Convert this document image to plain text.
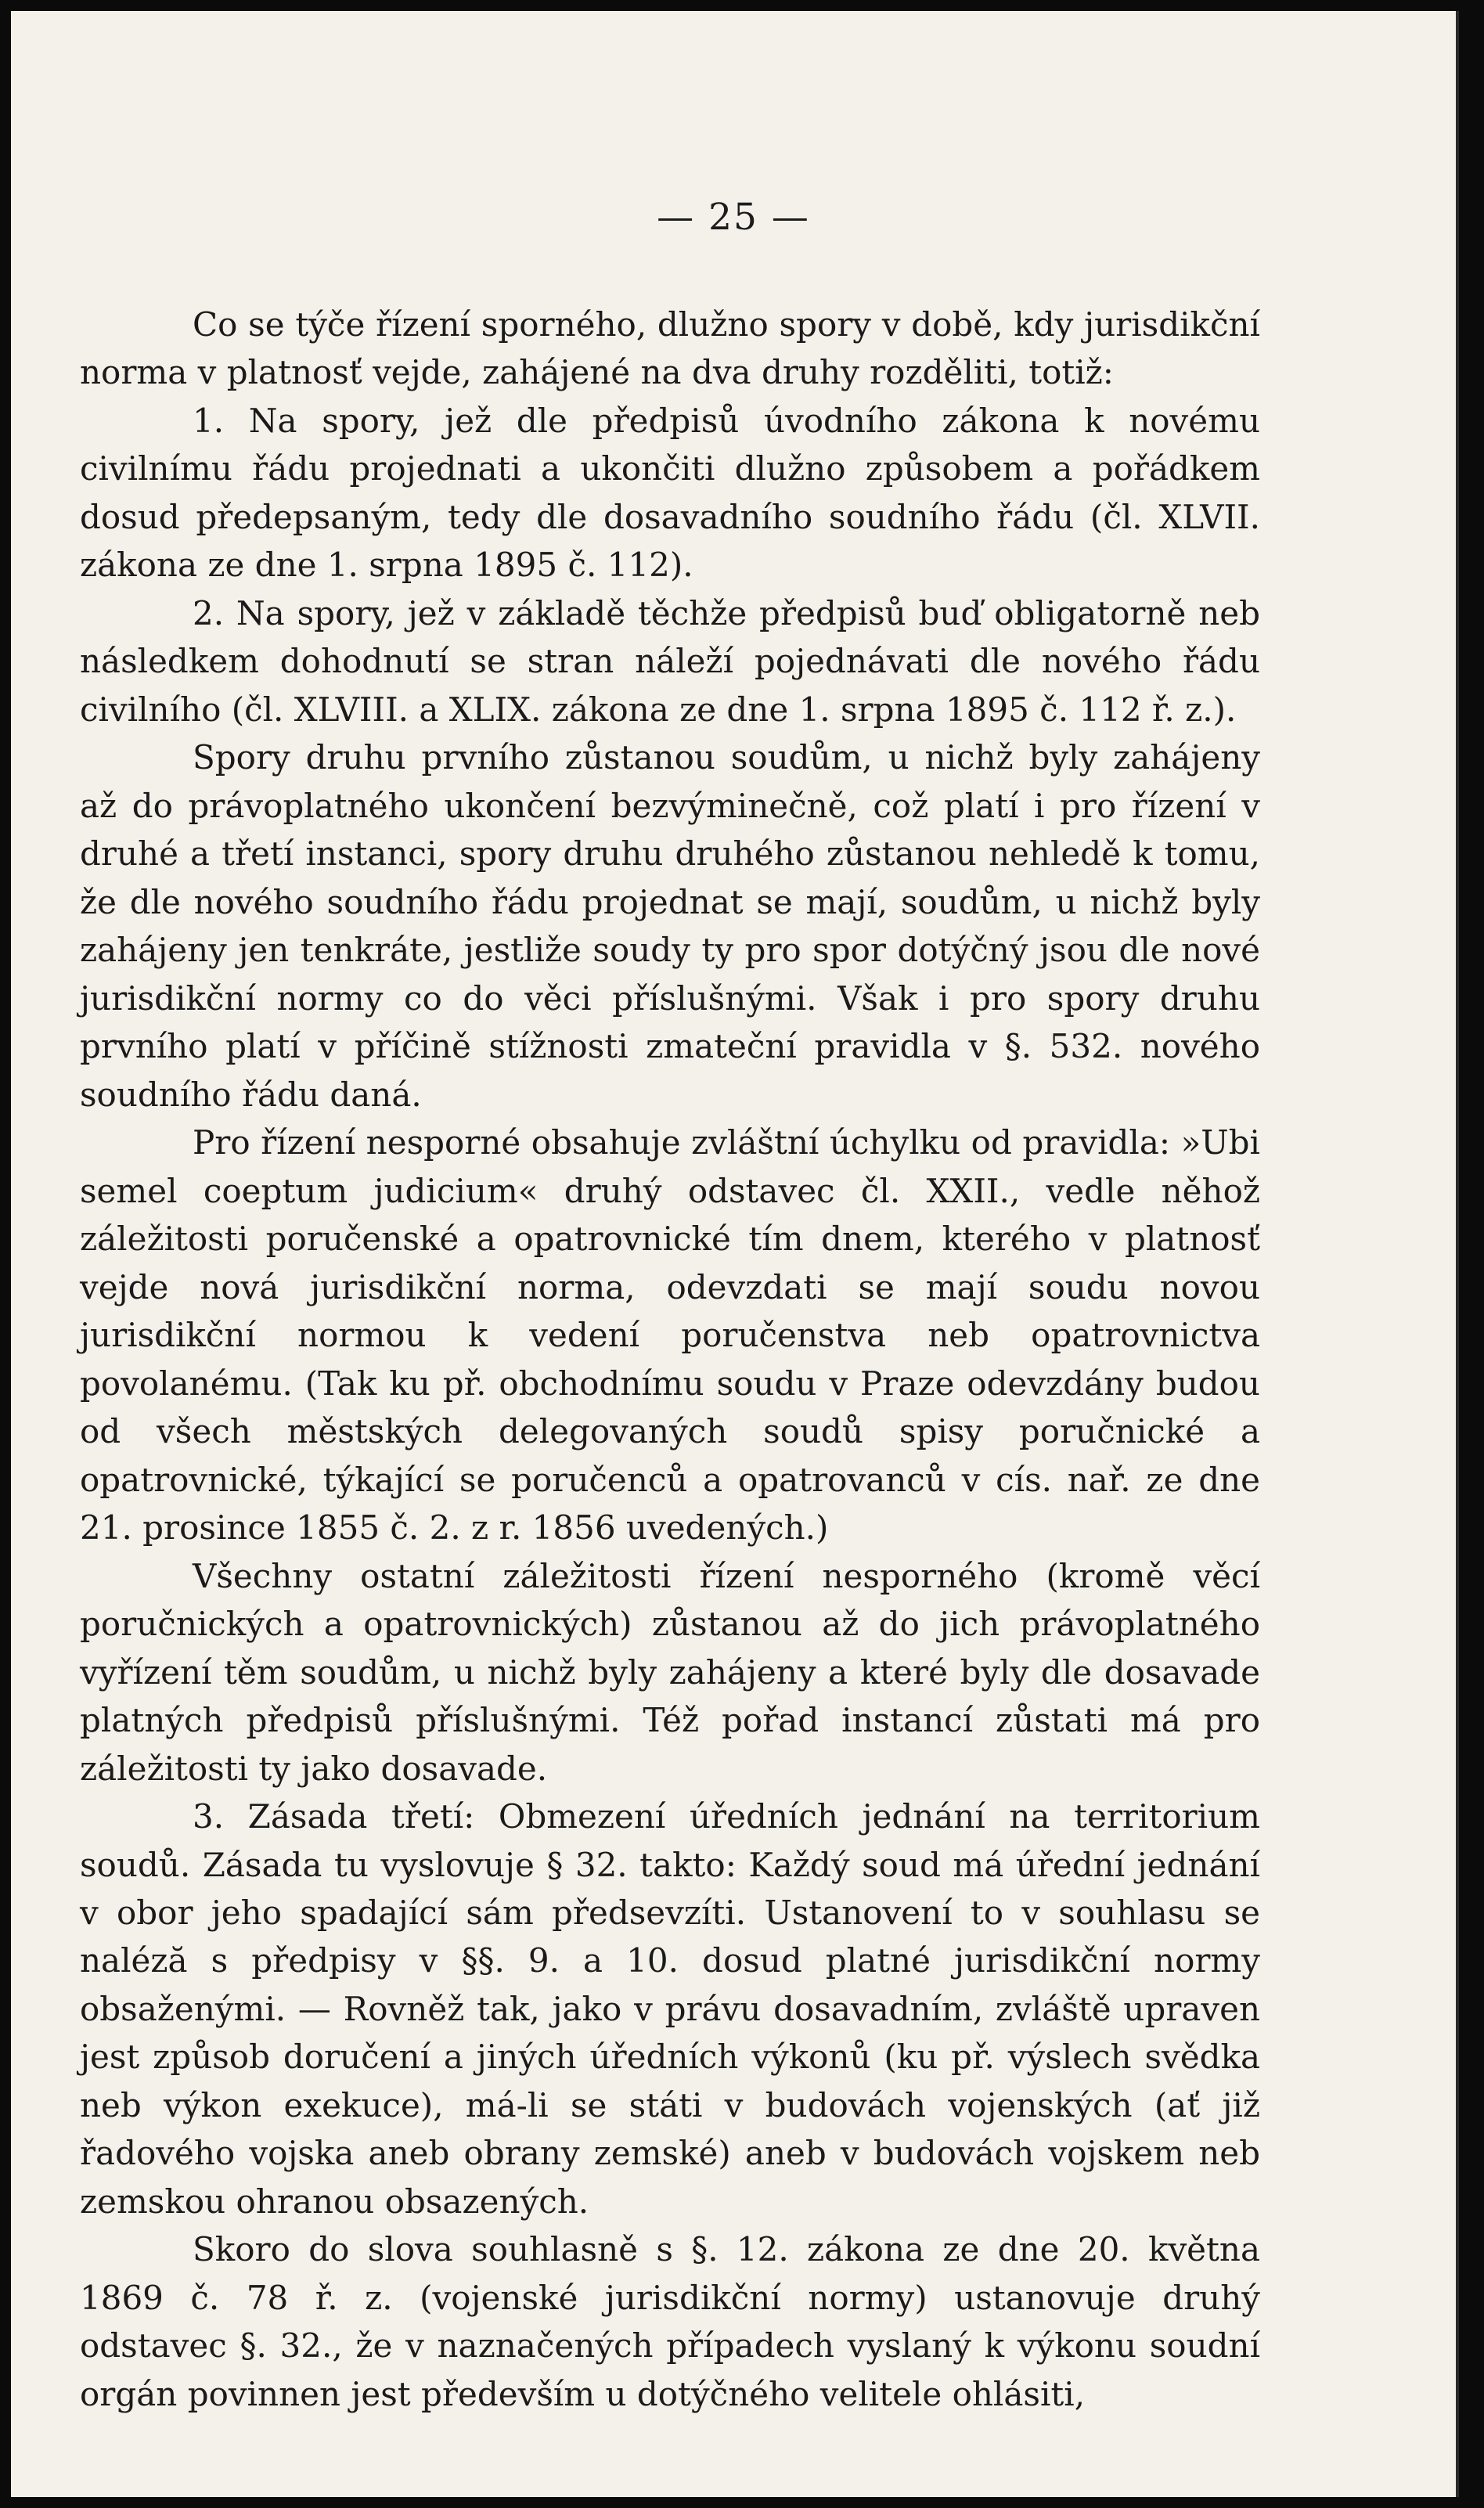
— 25 —

Co se týče řízení sporného, dlužno spory v době, kdy jurisdikční norma v platnosť vejde, zahájené na dva druhy rozděliti, totiž:

1. Na spory, jež dle předpisů úvodního zákona k novému civilnímu řádu projednati a ukončiti dlužno způsobem a pořádkem dosud předepsaným, tedy dle dosavadního soudního řádu (čl. XLVII. zákona ze dne 1. srpna 1895 č. 112).

2. Na spory, jež v základě těchže předpisů buď obligatorně neb následkem dohodnutí se stran náleží pojednávati dle nového řádu civilního (čl. XLVIII. a XLIX. zákona ze dne 1. srpna 1895 č. 112 ř. z.).

Spory druhu prvního zůstanou soudům, u nichž byly zahájeny až do právoplatného ukončení bezvýminečně, což platí i pro řízení v druhé a třetí instanci, spory druhu druhého zůstanou nehledě k tomu, že dle nového soudního řádu projednat se mají, soudům, u nichž byly zahájeny jen tenkráte, jestliže soudy ty pro spor dotýčný jsou dle nové jurisdikční normy co do věci příslušnými. Však i pro spory druhu prvního platí v příčině stížnosti zmateční pravidla v §. 532. nového soudního řádu daná.

Pro řízení nesporné obsahuje zvláštní úchylku od pravidla: »Ubi semel coeptum judicium« druhý odstavec čl. XXII., vedle něhož záležitosti poručenské a opatrovnické tím dnem, kterého v platnosť vejde nová jurisdikční norma, odevzdati se mají soudu novou jurisdikční normou k vedení poručenstva neb opatrovnictva povolanému. (Tak ku př. obchodnímu soudu v Praze odevzdány budou od všech městských delegovaných soudů spisy poručnické a opatrovnické, týkající se poručenců a opatrovanců v cís. nař. ze dne 21. prosince 1855 č. 2. z r. 1856 uvedených.)

Všechny ostatní záležitosti řízení nesporného (kromě věcí poručnických a opatrovnických) zůstanou až do jich právoplatného vyřízení těm soudům, u nichž byly zahájeny a které byly dle dosavade platných předpisů příslušnými. Též pořad instancí zůstati má pro záležitosti ty jako dosavade.

3. Zásada třetí: Obmezení úředních jednání na territorium soudů. Zásada tu vyslovuje § 32. takto: Každý soud má úřední jednání v obor jeho spadající sám předsevzíti. Ustanovení to v souhlasu se naléză s předpisy v §§. 9. a 10. dosud platné jurisdikční normy obsaženými. — Rovněž tak, jako v právu dosavadním, zvláště upraven jest způsob doručení a jiných úředních výkonů (ku př. výslech svědka neb výkon exekuce), má-li se státi v budovách vojenských (ať již řadového vojska aneb obrany zemské) aneb v budovách vojskem neb zemskou ohranou obsazených.

Skoro do slova souhlasně s §. 12. zákona ze dne 20. května 1869 č. 78 ř. z. (vojenské jurisdikční normy) ustanovuje druhý odstavec §. 32., že v naznačených případech vyslaný k výkonu soudní orgán povinnen jest především u dotýčného velitele ohlásiti,
